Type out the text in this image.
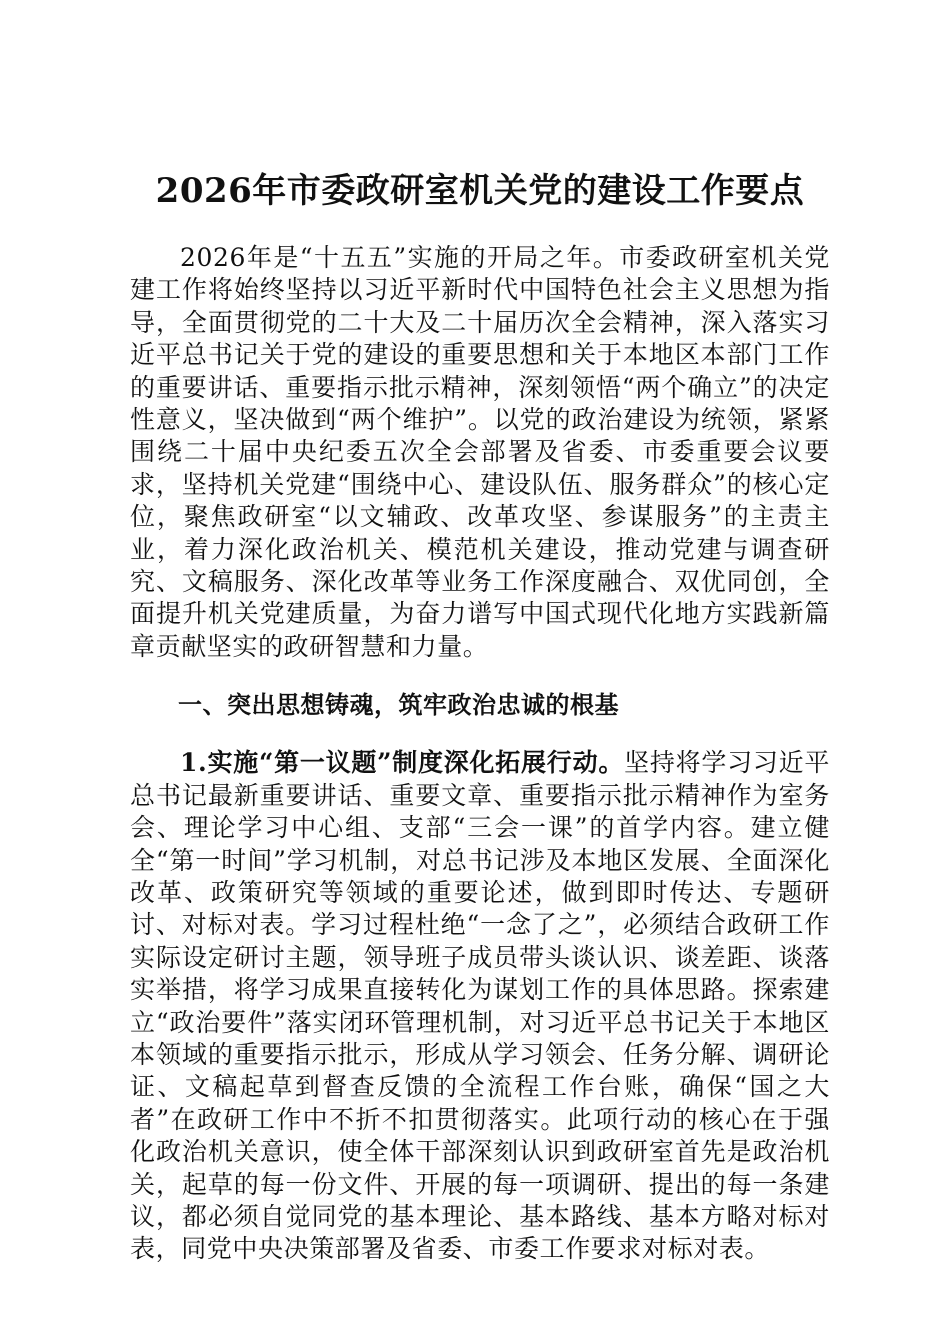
2026年市委政研室机关党的建设工作要点

2026年是“十五五”实施的开局之年。市委政研室机关党建工作将始终坚持以习近平新时代中国特色社会主义思想为指导，全面贯彻党的二十大及二十届历次全会精神，深入落实习近平总书记关于党的建设的重要思想和关于本地区本部门工作的重要讲话、重要指示批示精神，深刻领悟“两个确立”的决定性意义，坚决做到“两个维护”。以党的政治建设为统领，紧紧围绕二十届中央纪委五次全会部署及省委、市委重要会议要求，坚持机关党建“围绕中心、建设队伍、服务群众”的核心定位，聚焦政研室“以文辅政、改革攻坚、参谋服务”的主责主业，着力深化政治机关、模范机关建设，推动党建与调查研究、文稿服务、深化改革等业务工作深度融合、双优同创，全面提升机关党建质量，为奋力谱写中国式现代化地方实践新篇章贡献坚实的政研智慧和力量。

一、突出思想铸魂，筑牢政治忠诚的根基

1.实施“第一议题”制度深化拓展行动。坚持将学习习近平总书记最新重要讲话、重要文章、重要指示批示精神作为室务会、理论学习中心组、支部“三会一课”的首学内容。建立健全“第一时间”学习机制，对总书记涉及本地区发展、全面深化改革、政策研究等领域的重要论述，做到即时传达、专题研讨、对标对表。学习过程杜绝“一念了之”，必须结合政研工作实际设定研讨主题，领导班子成员带头谈认识、谈差距、谈落实举措，将学习成果直接转化为谋划工作的具体思路。探索建立“政治要件”落实闭环管理机制，对习近平总书记关于本地区本领域的重要指示批示，形成从学习领会、任务分解、调研论证、文稿起草到督查反馈的全流程工作台账，确保“国之大者”在政研工作中不折不扣贯彻落实。此项行动的核心在于强化政治机关意识，使全体干部深刻认识到政研室首先是政治机关，起草的每一份文件、开展的每一项调研、提出的每一条建议，都必须自觉同党的基本理论、基本路线、基本方略对标对表，同党中央决策部署及省委、市委工作要求对标对表。
